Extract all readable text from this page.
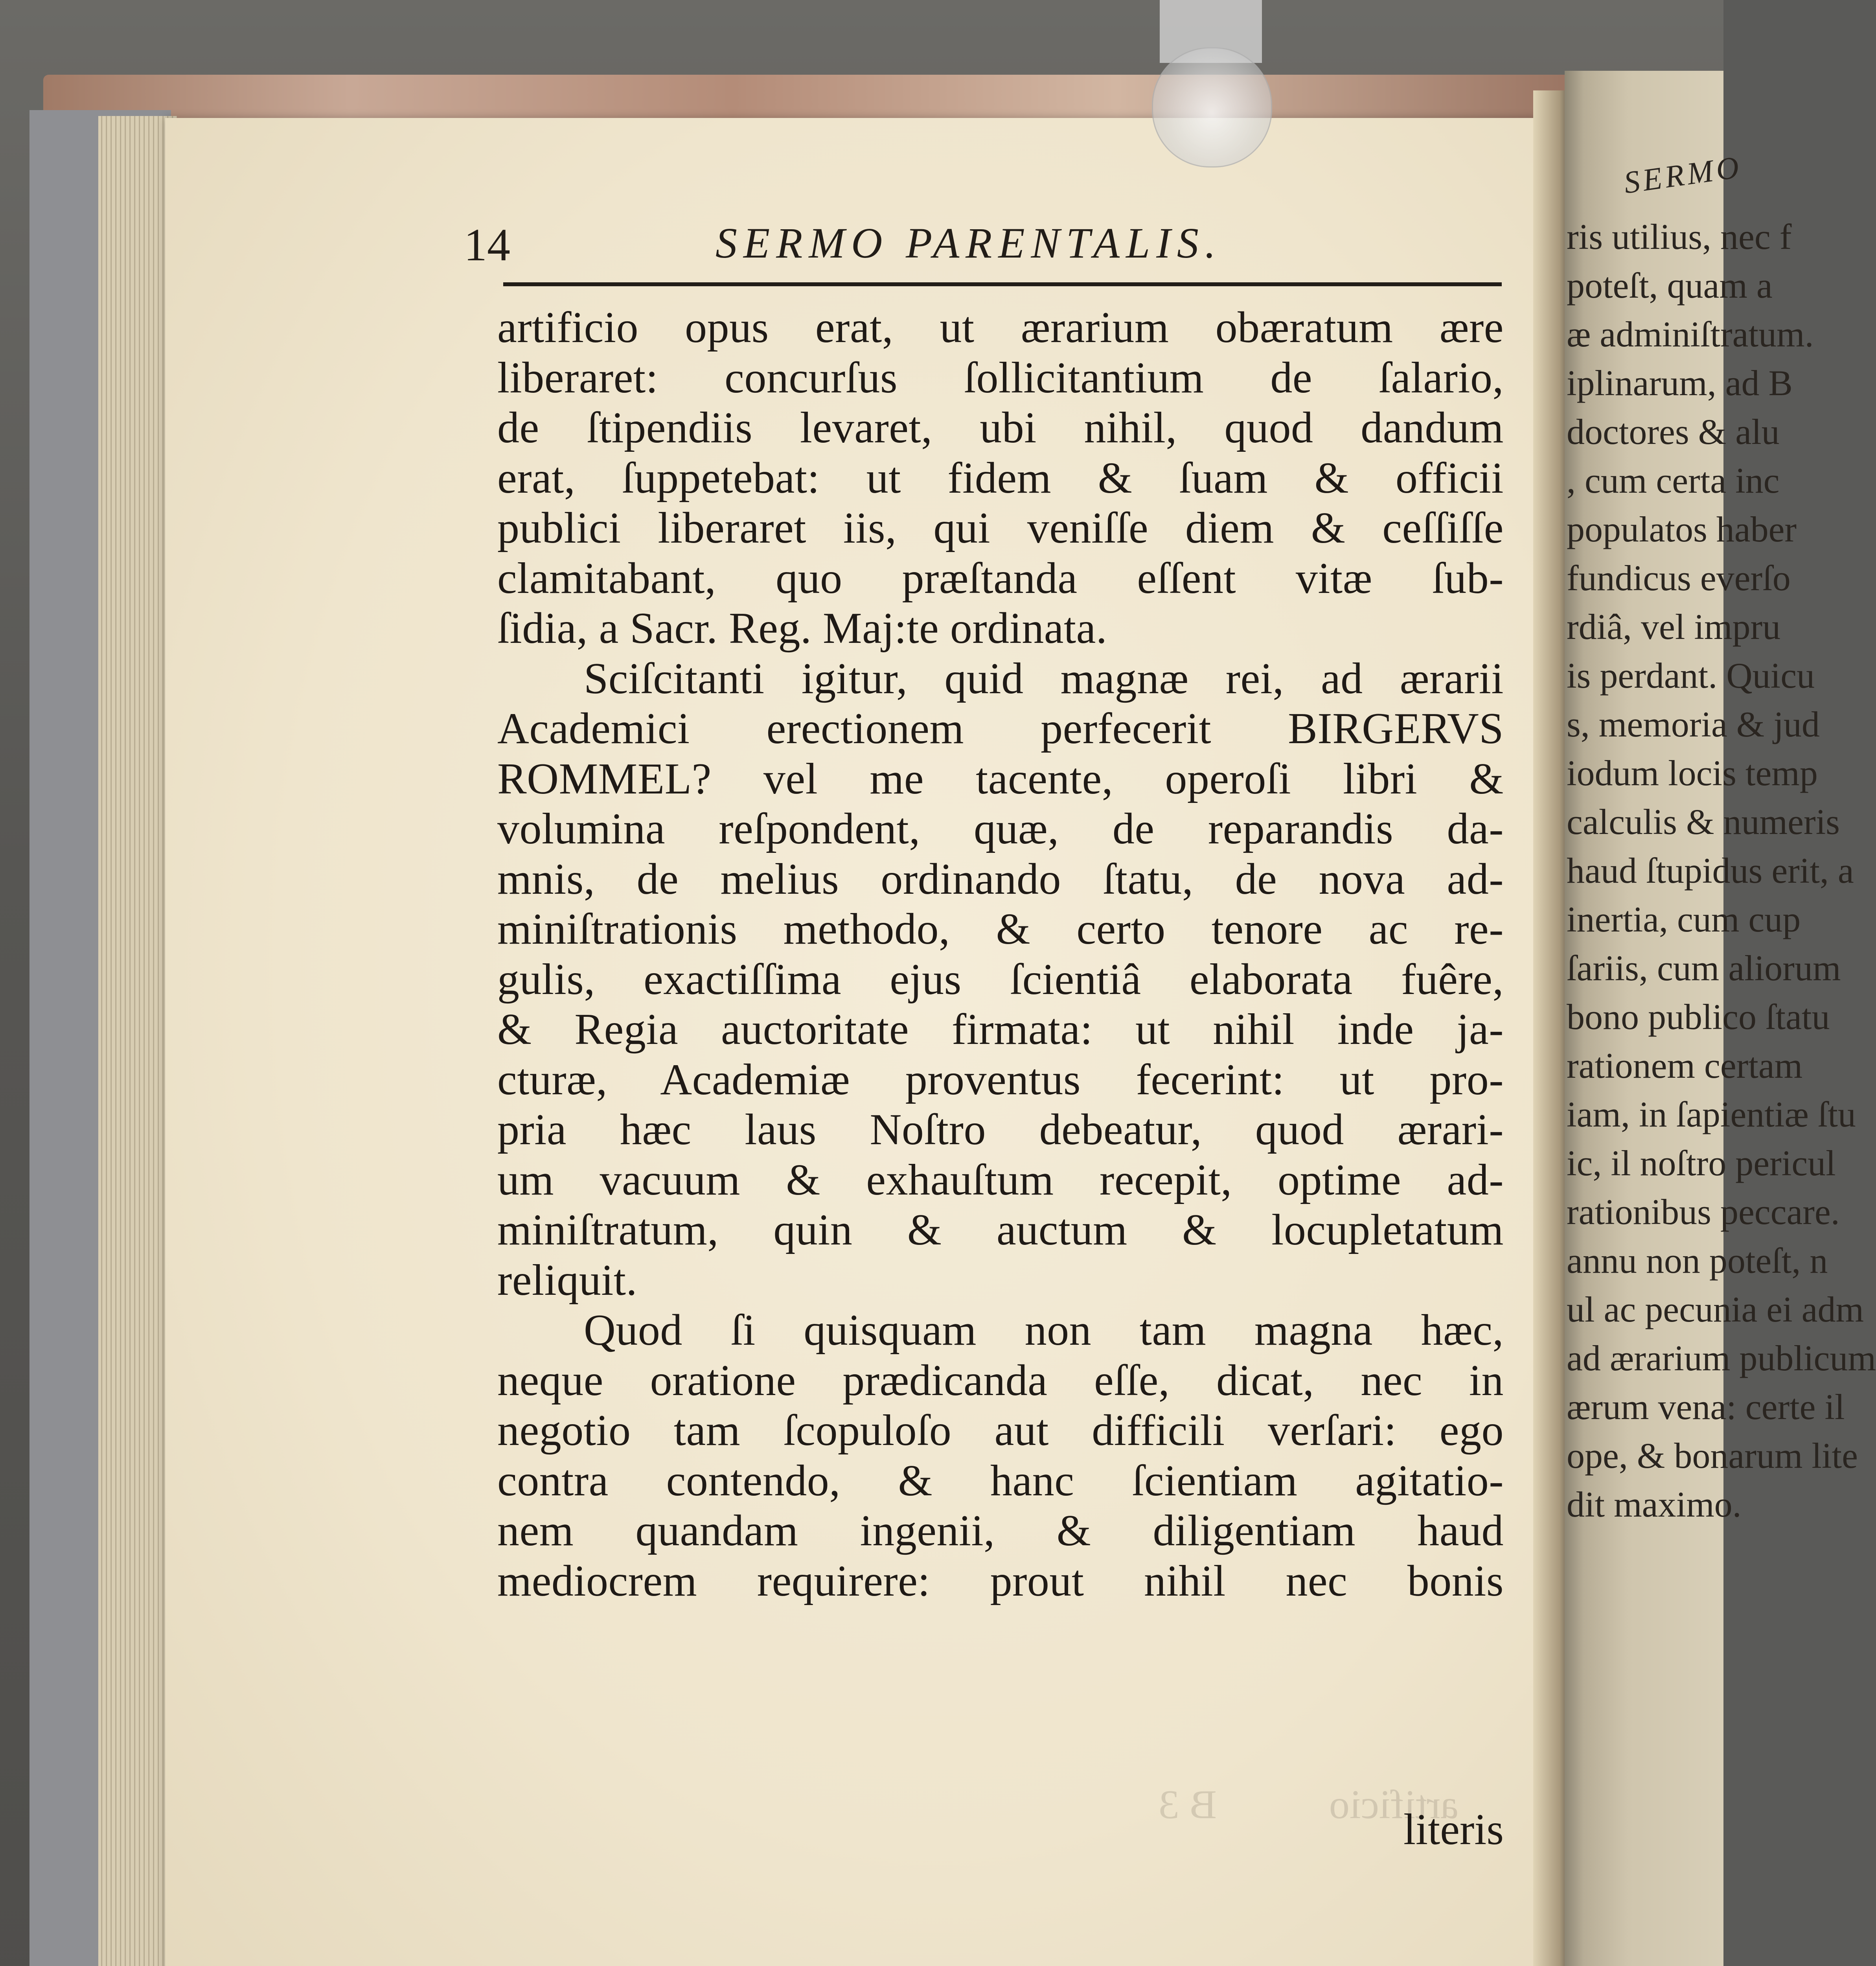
14	SERMO PARENTALIS.
artificio           B 3
artificio opus erat, ut ærarium obæratum ære
liberaret: concurſus ſollicitantium de ſalario,
de ſtipendiis levaret, ubi nihil, quod dandum
erat, ſuppetebat: ut fidem & ſuam & officii
publici liberaret iis, qui veniſſe diem & ceſſiſſe
clamitabant, quo præſtanda eſſent vitæ ſub-
ſidia, a Sacr. Reg. Maj:te ordinata.
Sciſcitanti igitur, quid magnæ rei, ad ærarii
Academici erectionem perfecerit BIRGERVS
ROMMEL? vel me tacente, operoſi libri &
volumina reſpondent, quæ, de reparandis da-
mnis, de melius ordinando ſtatu, de nova ad-
miniſtrationis methodo, & certo tenore ac re-
gulis, exactiſſima ejus ſcientiâ elaborata fuêre,
& Regia auctoritate firmata: ut nihil inde ja-
cturæ, Academiæ proventus fecerint: ut pro-
pria hæc laus Noſtro debeatur, quod ærari-
um vacuum & exhauſtum recepit, optime ad-
miniſtratum, quin & auctum & locupletatum
reliquit.
Quod ſi quisquam non tam magna hæc,
neque oratione prædicanda eſſe, dicat, nec in
negotio tam ſcopuloſo aut difficili verſari: ego
contra contendo, & hanc ſcientiam agitatio-
nem quandam ingenii, & diligentiam haud
mediocrem requirere: prout nihil nec bonis
literis
SERMO
ris utilius, nec f
poteſt, quam a
æ adminiſtratum.
iplinarum, ad B
doctores & alu
, cum certa inc
populatos haber
fundicus everſo
rdiâ, vel impru
is perdant. Quicu
s, memoria & jud
iodum locis temp
calculis & numeris
haud ſtupidus erit, a
inertia, cum cup
ſariis, cum aliorum
bono publico ſtatu
rationem certam
iam, in ſapientiæ ſtu
ic, il noſtro pericul
rationibus peccare.
annu non poteſt, n
ul ac pecunia ei adm
ad ærarium publicum
ærum vena: certe il
ope, & bonarum lite
dit maximo.
